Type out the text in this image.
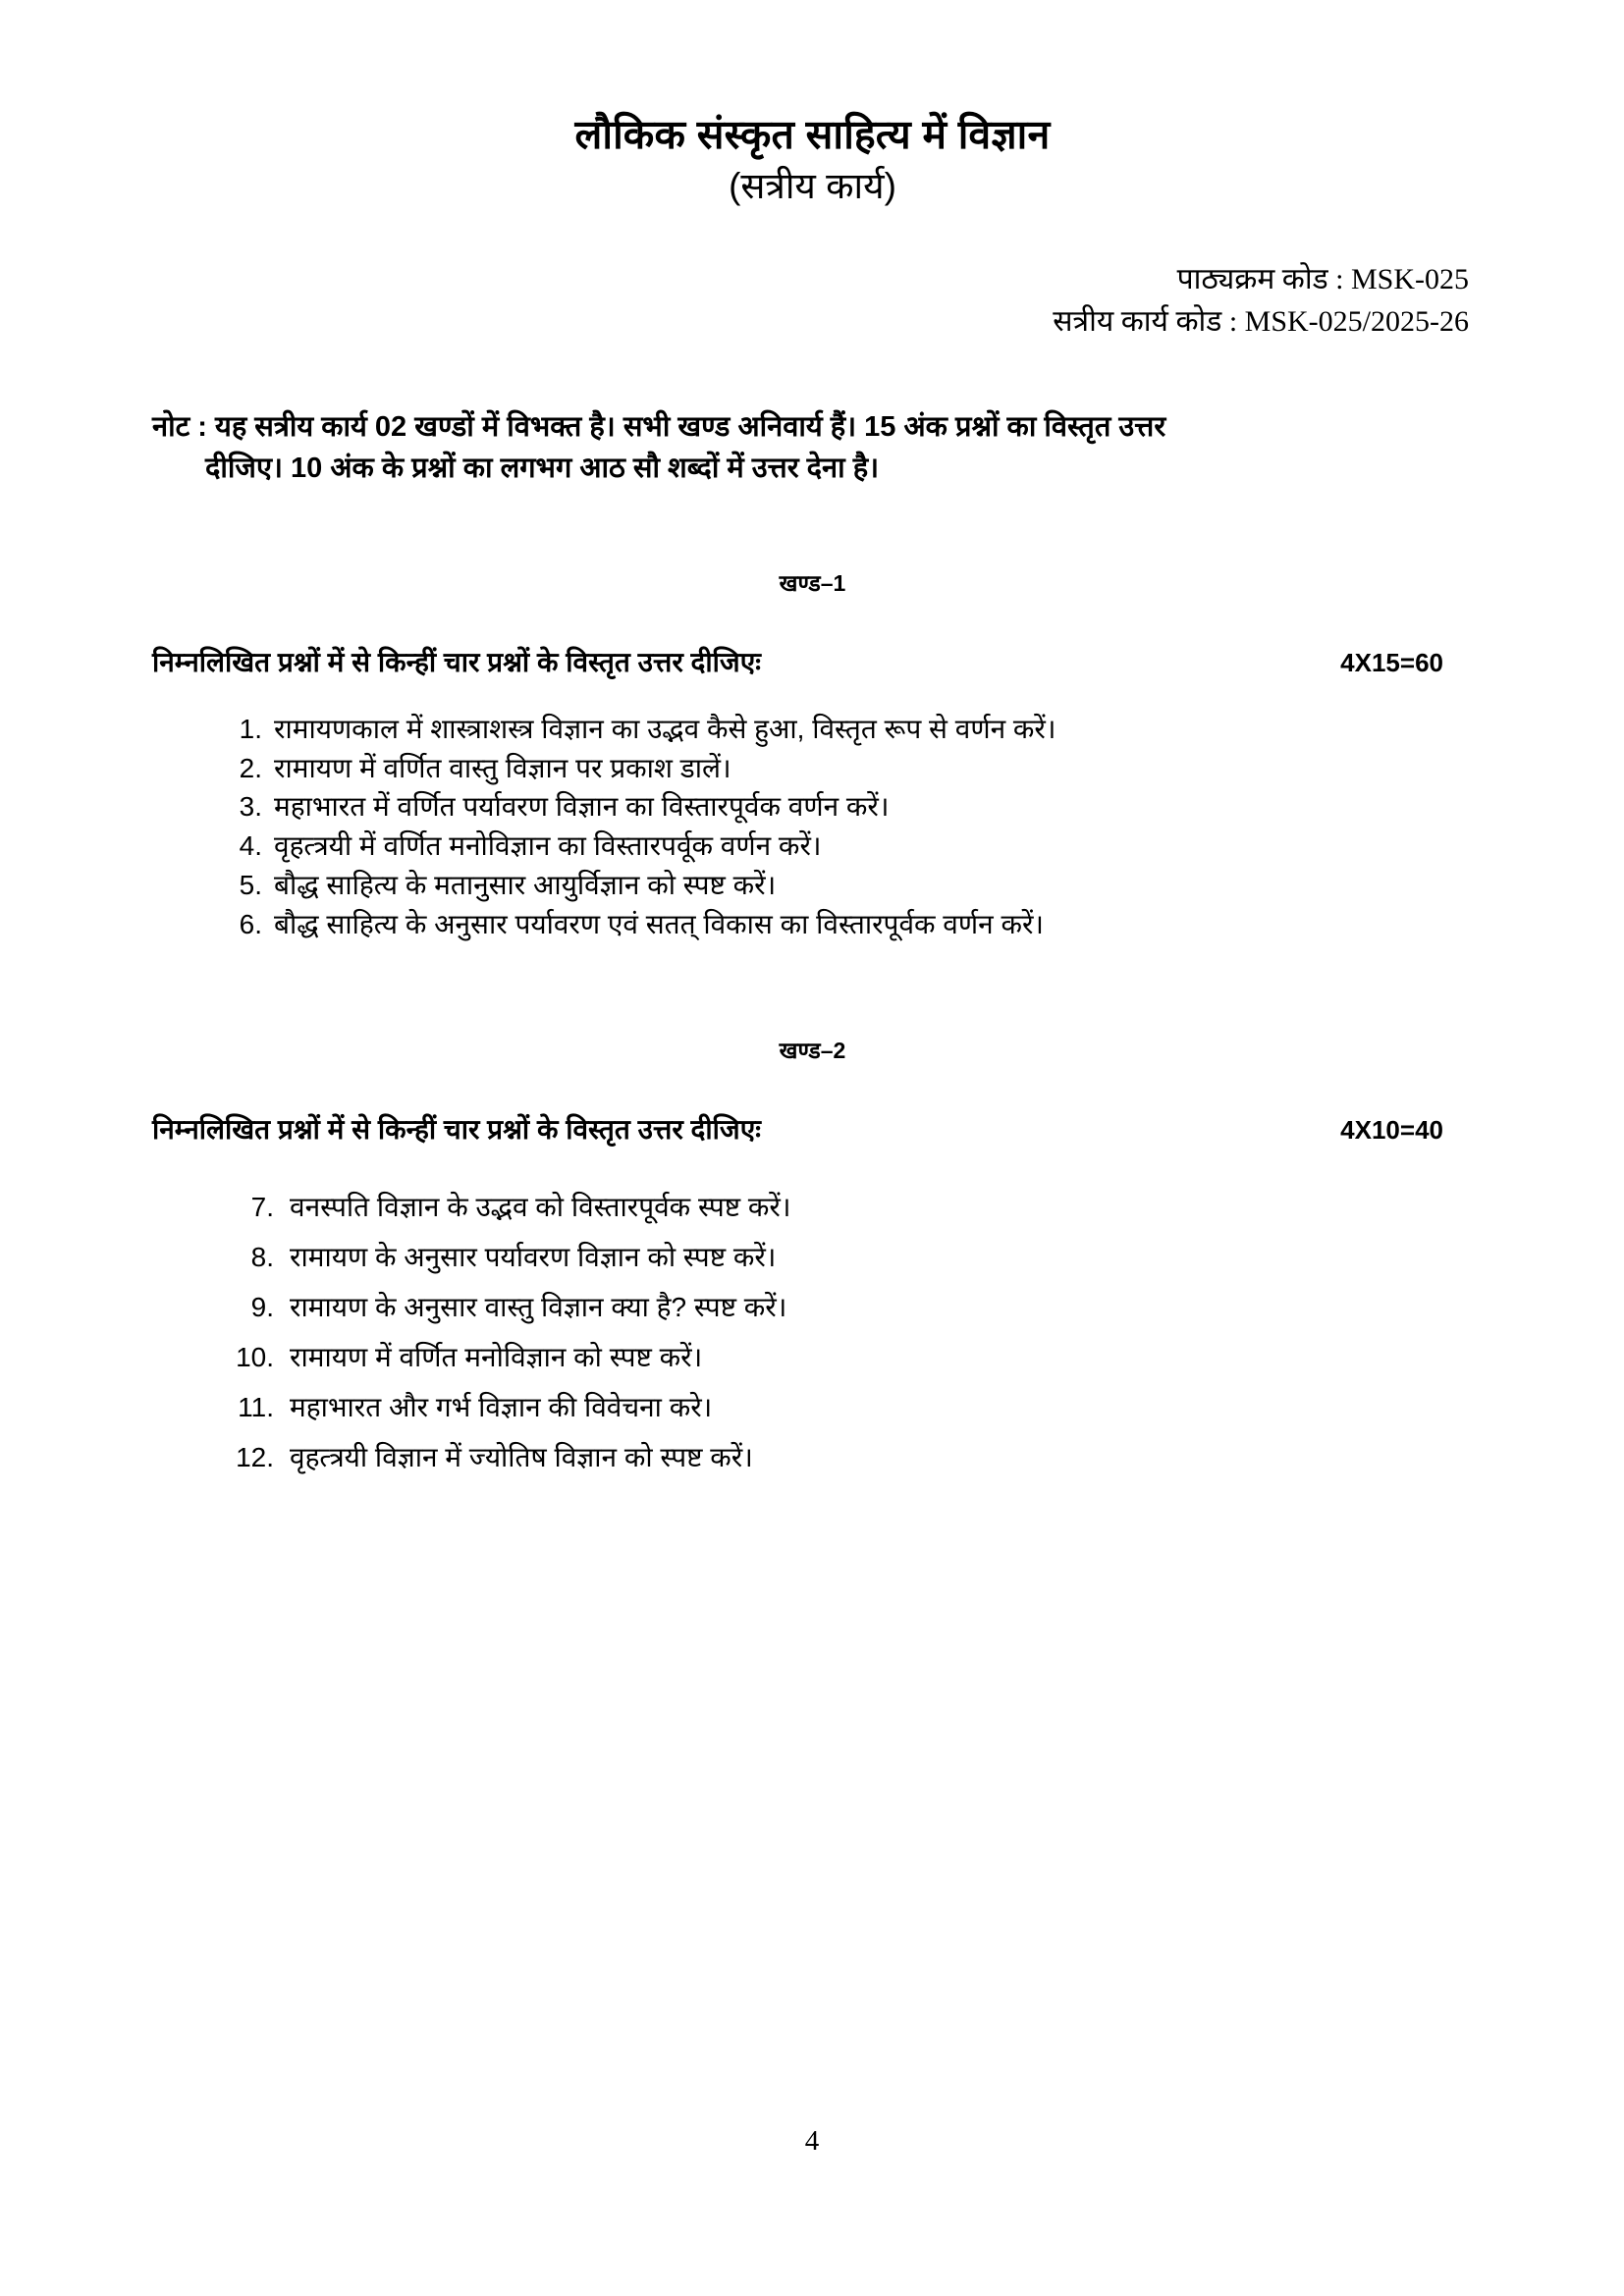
लौकिक संस्कृत साहित्य में विज्ञान
(सत्रीय कार्य)
पाठ्यक्रम कोड : MSK-025
सत्रीय कार्य कोड : MSK-025/2025-26
नोट : यह सत्रीय कार्य 02 खण्डों में विभक्त है। सभी खण्ड अनिवार्य हैं। 15 अंक प्रश्नों का विस्तृत उत्तर
दीजिए। 10 अंक के प्रश्नों का लगभग आठ सौ शब्दों में उत्तर देना है।
खण्ड–1
निम्नलिखित प्रश्नों में से किन्हीं चार प्रश्नों के विस्तृत उत्तर दीजिएः	4X15=60
1. रामायणकाल में शास्त्राशस्त्र विज्ञान का उद्भव कैसे हुआ, विस्तृत रूप से वर्णन करें।
2. रामायण में वर्णित वास्तु विज्ञान पर प्रकाश डालें।
3. महाभारत में वर्णित पर्यावरण विज्ञान का विस्तारपूर्वक वर्णन करें।
4. वृहत्त्रयी में वर्णित मनोविज्ञान का विस्तारपर्वूक वर्णन करें।
5. बौद्ध साहित्य के मतानुसार आयुर्विज्ञान को स्पष्ट करें।
6. बौद्ध साहित्य के अनुसार पर्यावरण एवं सतत् विकास का विस्तारपूर्वक वर्णन करें।
खण्ड–2
निम्नलिखित प्रश्नों में से किन्हीं चार प्रश्नों के विस्तृत उत्तर दीजिएः	4X10=40
7. वनस्पति विज्ञान के उद्भव को विस्तारपूर्वक स्पष्ट करें।
8. रामायण के अनुसार पर्यावरण विज्ञान को स्पष्ट करें।
9. रामायण के अनुसार वास्तु विज्ञान क्या है? स्पष्ट करें।
10. रामायण में वर्णित मनोविज्ञान को स्पष्ट करें।
11. महाभारत और गर्भ विज्ञान की विवेचना करे।
12. वृहत्त्रयी विज्ञान में ज्योतिष विज्ञान को स्पष्ट करें।
4
